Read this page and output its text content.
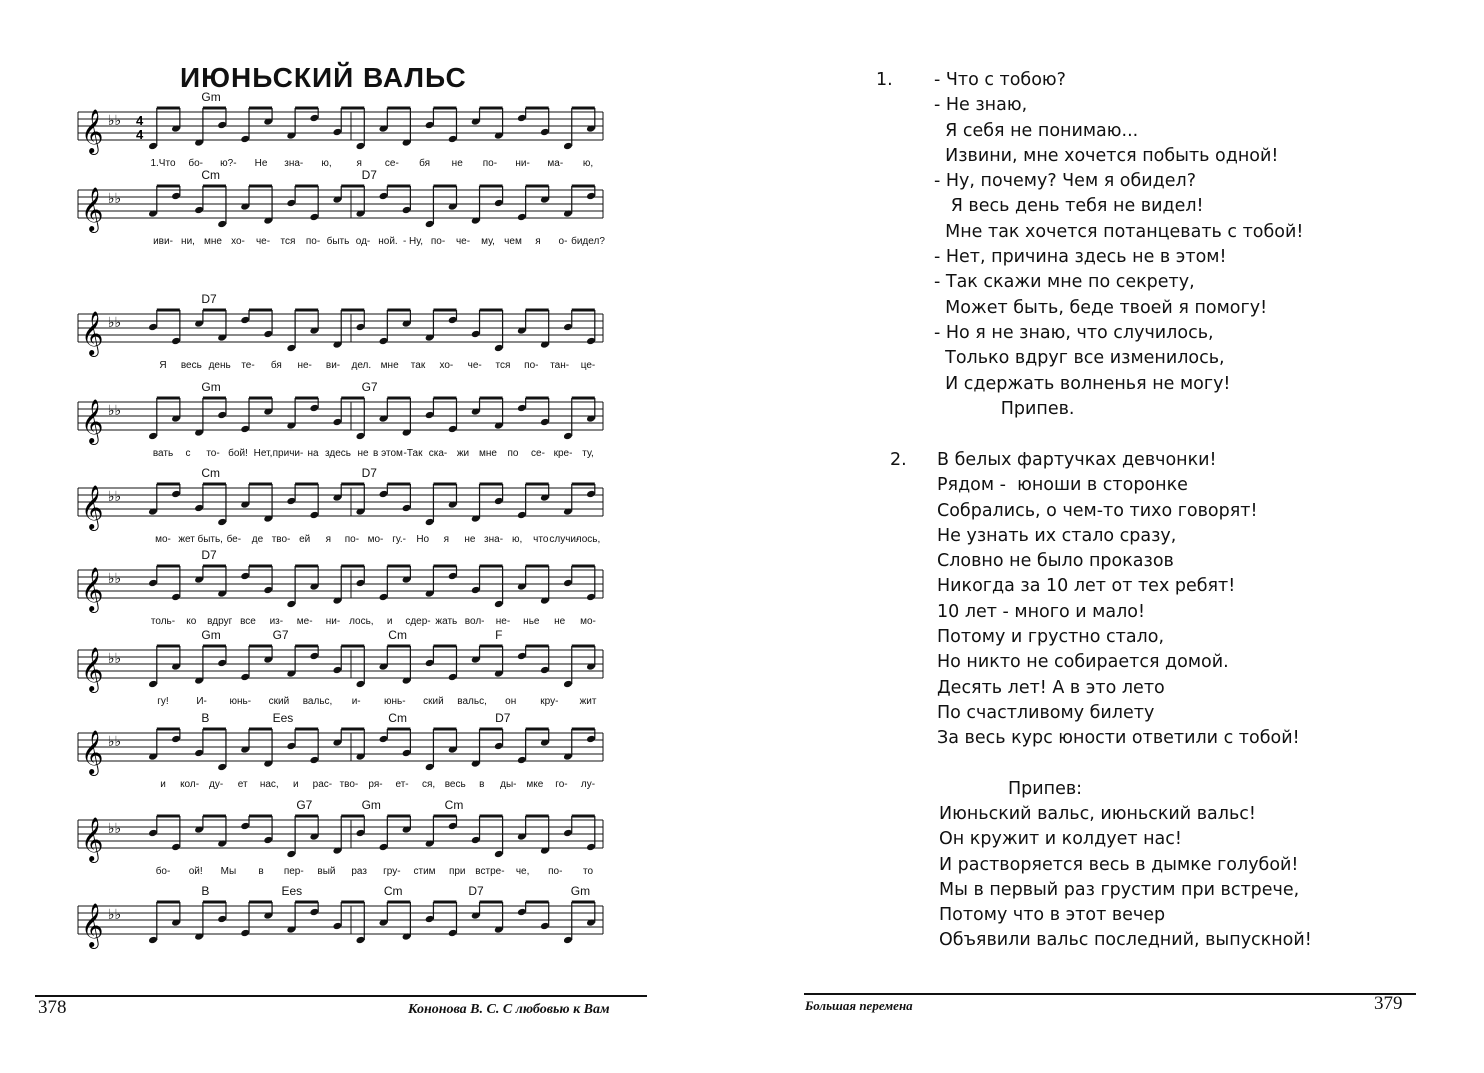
ИЮНЬСКИЙ ВАЛЬС
𝄞 ♭♭ 4
4
Gm
1.Что бо- ю?- Не зна- ю, я се- бя не по- ни- ма- ю,
𝄞 ♭♭
Cm	D7
иви- ни, мне хо- че- тся по- быть од- ной. - Ну, по- че- му, чем я о- бидел?
𝄞 ♭♭
D7
Я весь день те- бя не- ви- дел. мне так хо- че- тся по- тан- це-
𝄞 ♭♭
Gm	G7
вать с то- бой! Нет, причи- на здесь не в этом -Так ска- жи мне по се- кре- ту,
𝄞 ♭♭
Cm	D7
мо- жет быть, бе- де тво- ей я по- мо- гу.- Но я не зна- ю, что случи-
лось,
𝄞 ♭♭
D7
толь- ко вдруг все из- ме- ни- лось, и сдер- жать вол- не- нье не мо-
𝄞 ♭♭
Gm	G7	Cm	F
гу!	И- юнь- ский вальс, и- юнь- ский вальс, он кру- жит
𝄞 ♭♭
B	Ees	Cm	D7
и кол- ду- ет нас, и рас- тво- ря- ет- ся, весь в ды- мке го- лу-
𝄞 ♭♭
Gm
G7	Cm
бо- ой! Мы в пер- вый раз гру- стим при встре- че, по- то
𝄞 ♭♭
B	Ees	Cm	D7	Gm
378	Кононова В. С. С любовью к Вам
1. - Что с тобою?
- Не знаю,
Я себя не понимаю...
Извини, мне хочется побыть одной!
- Ну, почему? Чем я обидел?
Я весь день тебя не видел!
Мне так хочется потанцевать с тобой!
- Нет, причина здесь не в этом!
- Так скажи мне по секрету,
Может быть, беде твоей я помогу!
- Но я не знаю, что случилось,
Только вдруг все изменилось,
И сдержать волненья не могу!
Припев.
2. В белых фартучках девчонки!
Рядом -  юноши в сторонке
Собрались, о чем-то тихо говорят!
Не узнать их стало сразу,
Словно не было проказов
Никогда за 10 лет от тех ребят!
10 лет - много и мало!
Потому и грустно стало,
Но никто не собирается домой.
Десять лет! А в это лето
По счастливому билету
За весь курс юности ответили с тобой!
Припев:
Июньский вальс, июньский вальс!
Он кружит и колдует нас!
И растворяется весь в дымке голубой!
Мы в первый раз грустим при встрече,
Потому что в этот вечер
Объявили вальс последний, выпускной!
Большая перемена	379
